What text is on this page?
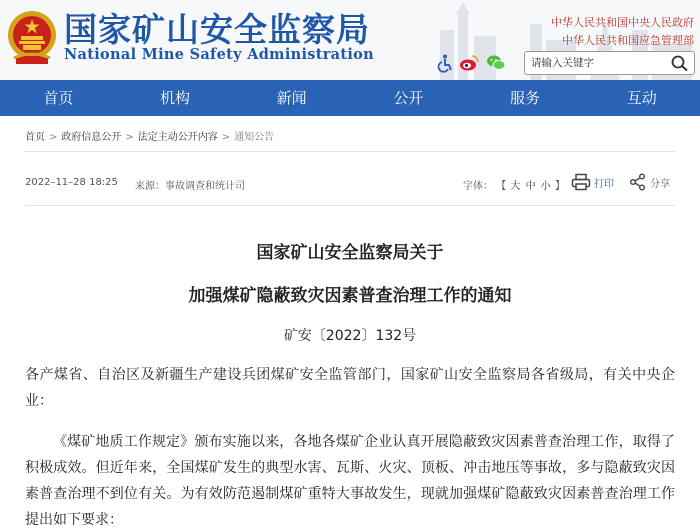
国家矿山安全监察局
National Mine Safety Administration
中华人民共和国中央人民政府
中华人民共和国应急管理部
请输入关键字
首页	机构	新闻	公开	服务	互动
首页 > 政府信息公开 > 法定主动公开内容 > 通知公告
2022–11–28 18:25 来源：事故调查和统计司	字体： 【 大 中 小 】	打印	分享
国家矿山安全监察局关于
加强煤矿隐蔽致灾因素普查治理工作的通知
矿安〔2022〕132号
各产煤省、自治区及新疆生产建设兵团煤矿安全监管部门，国家矿山安全监察局各省级局，有关中央企业：
《煤矿地质工作规定》颁布实施以来，各地各煤矿企业认真开展隐蔽致灾因素普查治理工作，取得了积极成效。但近年来，全国煤矿发生的典型水害、瓦斯、火灾、顶板、冲击地压等事故，多与隐蔽致灾因素普查治理不到位有关。为有效防范遏制煤矿重特大事故发生，现就加强煤矿隐蔽致灾因素普查治理工作提出如下要求：
